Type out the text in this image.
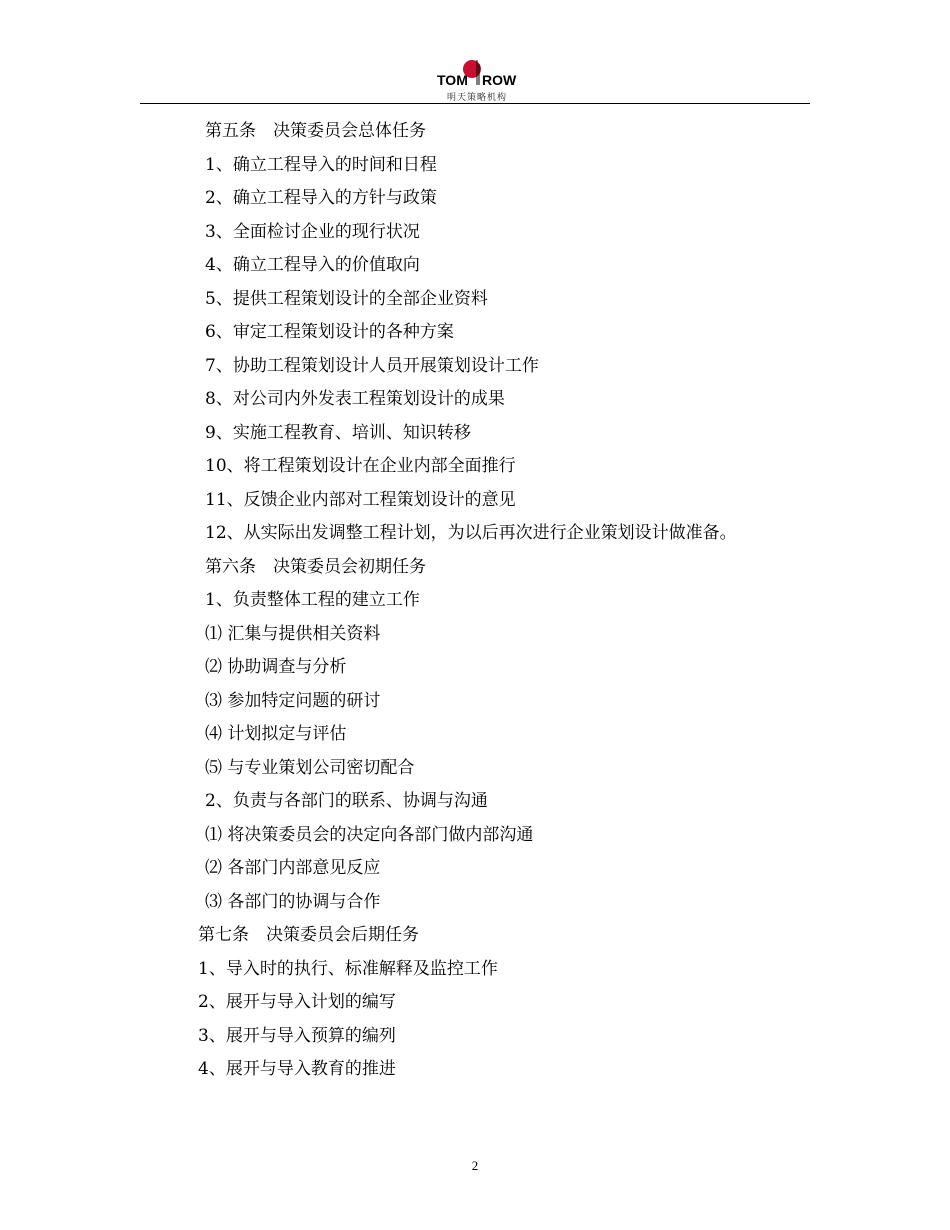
TOM ROW
明天策略机构
第五条　决策委员会总体任务
1、确立工程导入的时间和日程
2、确立工程导入的方针与政策
3、全面检讨企业的现行状况
4、确立工程导入的价值取向
5、提供工程策划设计的全部企业资料
6、审定工程策划设计的各种方案
7、协助工程策划设计人员开展策划设计工作
8、对公司内外发表工程策划设计的成果
9、实施工程教育、培训、知识转移
10、将工程策划设计在企业内部全面推行
11、反馈企业内部对工程策划设计的意见
12、从实际出发调整工程计划，为以后再次进行企业策划设计做准备。
第六条　决策委员会初期任务
1、负责整体工程的建立工作
⑴ 汇集与提供相关资料
⑵ 协助调查与分析
⑶ 参加特定问题的研讨
⑷ 计划拟定与评估
⑸ 与专业策划公司密切配合
2、负责与各部门的联系、协调与沟通
⑴ 将决策委员会的决定向各部门做内部沟通
⑵ 各部门内部意见反应
⑶ 各部门的协调与合作
第七条　决策委员会后期任务
1、导入时的执行、标准解释及监控工作
2、展开与导入计划的编写
3、展开与导入预算的编列
4、展开与导入教育的推进
2
